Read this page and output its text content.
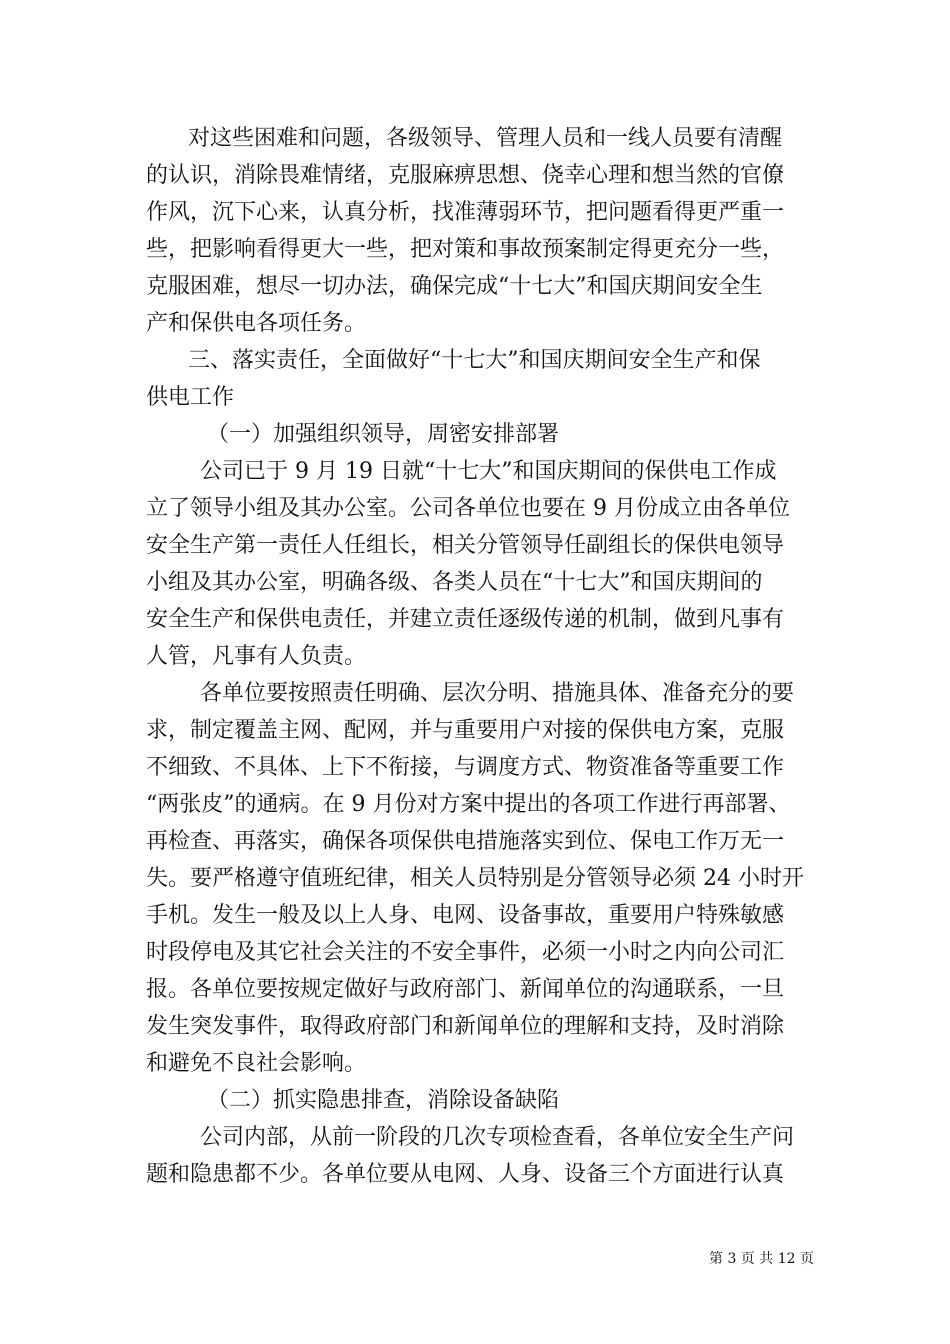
对这些困难和问题，各级领导、管理人员和一线人员要有清醒
的认识，消除畏难情绪，克服麻痹思想、侥幸心理和想当然的官僚
作风，沉下心来，认真分析，找准薄弱环节，把问题看得更严重一
些，把影响看得更大一些，把对策和事故预案制定得更充分一些，
克服困难，想尽一切办法，确保完成“十七大”和国庆期间安全生
产和保供电各项任务。
三、落实责任，全面做好“十七大”和国庆期间安全生产和保
供电工作
（一）加强组织领导，周密安排部署
公司已于 9 月 19 日就“十七大”和国庆期间的保供电工作成
立了领导小组及其办公室。公司各单位也要在 9 月份成立由各单位
安全生产第一责任人任组长，相关分管领导任副组长的保供电领导
小组及其办公室，明确各级、各类人员在“十七大”和国庆期间的
安全生产和保供电责任，并建立责任逐级传递的机制，做到凡事有
人管，凡事有人负责。
各单位要按照责任明确、层次分明、措施具体、准备充分的要
求，制定覆盖主网、配网，并与重要用户对接的保供电方案，克服
不细致、不具体、上下不衔接，与调度方式、物资准备等重要工作
“两张皮”的通病。在 9 月份对方案中提出的各项工作进行再部署、
再检查、再落实，确保各项保供电措施落实到位、保电工作万无一
失。要严格遵守值班纪律，相关人员特别是分管领导必须 24 小时开
手机。发生一般及以上人身、电网、设备事故，重要用户特殊敏感
时段停电及其它社会关注的不安全事件，必须一小时之内向公司汇
报。各单位要按规定做好与政府部门、新闻单位的沟通联系，一旦
发生突发事件，取得政府部门和新闻单位的理解和支持，及时消除
和避免不良社会影响。
（二）抓实隐患排查，消除设备缺陷
公司内部，从前一阶段的几次专项检查看，各单位安全生产问
题和隐患都不少。各单位要从电网、人身、设备三个方面进行认真
第 3 页 共 12 页
